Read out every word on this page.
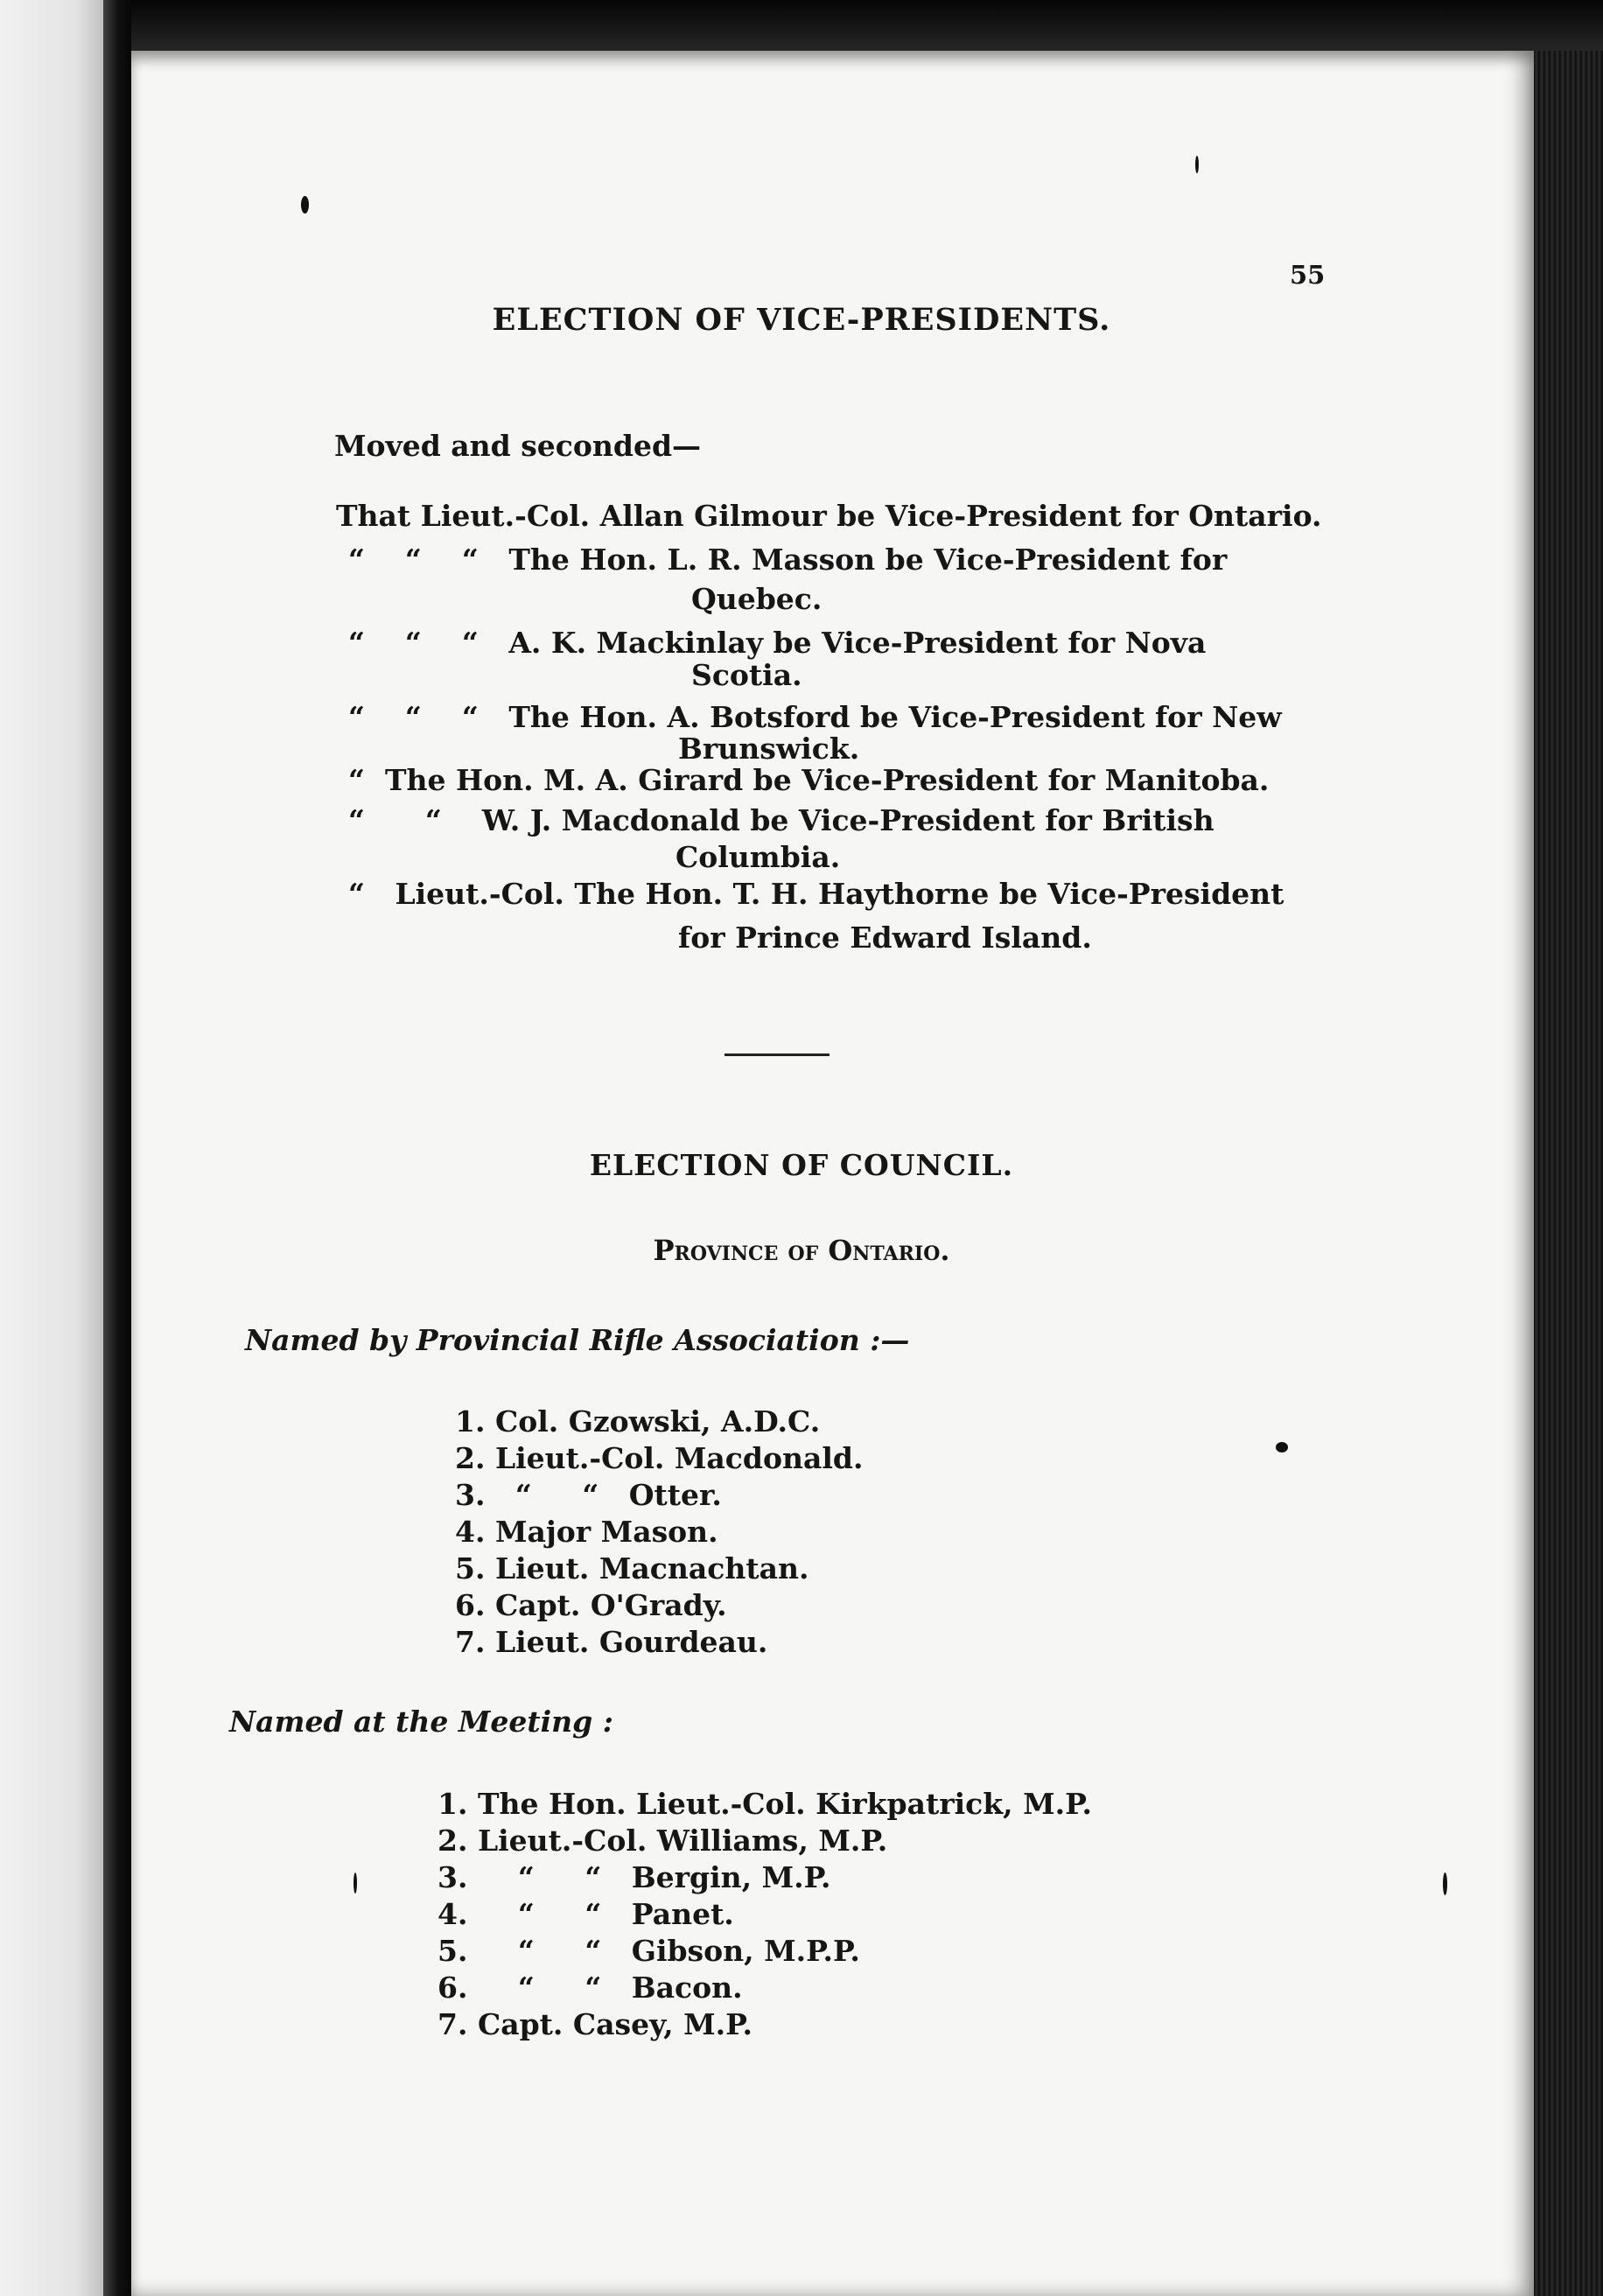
55
ELECTION OF VICE-PRESIDENTS.
Moved and seconded—
That Lieut.-Col. Allan Gilmour be Vice-President for Ontario.
“    “    “   The Hon. L. R. Masson be Vice-President for
Quebec.
“    “    “   A. K. Mackinlay be Vice-President for Nova
Scotia.
“    “    “   The Hon. A. Botsford be Vice-President for New
Brunswick.
“  The Hon. M. A. Girard be Vice-President for Manitoba.
“      “    W. J. Macdonald be Vice-President for British
Columbia.
“   Lieut.-Col. The Hon. T. H. Haythorne be Vice-President
for Prince Edward Island.
ELECTION OF COUNCIL.
Province of Ontario.
Named by Provincial Rifle Association :—
1. Col. Gzowski, A.D.C.
2. Lieut.-Col. Macdonald.
3.   “     “   Otter.
4. Major Mason.
5. Lieut. Macnachtan.
6. Capt. O'Grady.
7. Lieut. Gourdeau.
Named at the Meeting :
1. The Hon. Lieut.-Col. Kirkpatrick, M.P.
2. Lieut.-Col. Williams, M.P.
3.     “     “   Bergin, M.P.
4.     “     “   Panet.
5.     “     “   Gibson, M.P.P.
6.     “     “   Bacon.
7. Capt. Casey, M.P.
